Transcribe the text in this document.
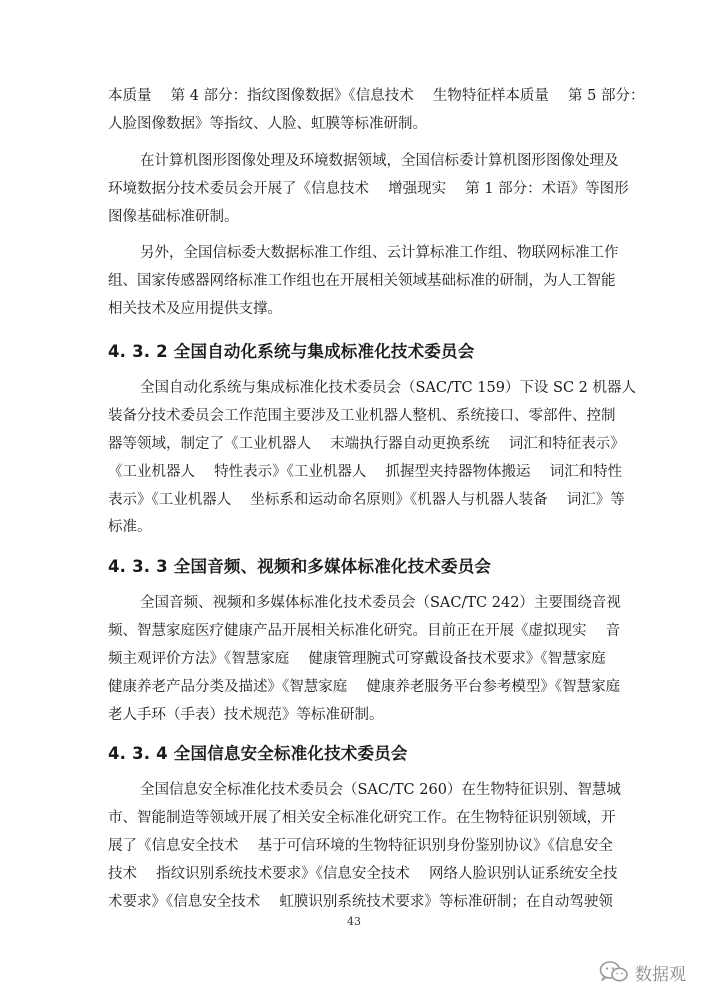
本质量　 第 4 部分：指纹图像数据》《信息技术　 生物特征样本质量　 第 5 部分：
人脸图像数据》等指纹、人脸、虹膜等标准研制。
在计算机图形图像处理及环境数据领域，全国信标委计算机图形图像处理及
环境数据分技术委员会开展了《信息技术　 增强现实　 第 1 部分：术语》等图形
图像基础标准研制。
另外，全国信标委大数据标准工作组、云计算标准工作组、物联网标准工作
组、国家传感器网络标准工作组也在开展相关领域基础标准的研制，为人工智能
相关技术及应用提供支撑。
4. 3. 2 全国自动化系统与集成标准化技术委员会
全国自动化系统与集成标准化技术委员会（SAC/TC 159）下设 SC 2 机器人
装备分技术委员会工作范围主要涉及工业机器人整机、系统接口、零部件、控制
器等领域，制定了《工业机器人　 末端执行器自动更换系统　 词汇和特征表示》
《工业机器人　 特性表示》《工业机器人　 抓握型夹持器物体搬运　 词汇和特性
表示》《工业机器人　 坐标系和运动命名原则》《机器人与机器人装备　 词汇》等
标准。
4. 3. 3 全国音频、视频和多媒体标准化技术委员会
全国音频、视频和多媒体标准化技术委员会（SAC/TC 242）主要围绕音视
频、智慧家庭医疗健康产品开展相关标准化研究。目前正在开展《虚拟现实　 音
频主观评价方法》《智慧家庭　 健康管理腕式可穿戴设备技术要求》《智慧家庭
健康养老产品分类及描述》《智慧家庭　 健康养老服务平台参考模型》《智慧家庭
老人手环（手表）技术规范》等标准研制。
4. 3. 4 全国信息安全标准化技术委员会
全国信息安全标准化技术委员会（SAC/TC 260）在生物特征识别、智慧城
市、智能制造等领域开展了相关安全标准化研究工作。在生物特征识别领域，开
展了《信息安全技术　 基于可信环境的生物特征识别身份鉴别协议》《信息安全
技术　 指纹识别系统技术要求》《信息安全技术　 网络人脸识别认证系统安全技
术要求》《信息安全技术　 虹膜识别系统技术要求》等标准研制；在自动驾驶领
43
数据观
